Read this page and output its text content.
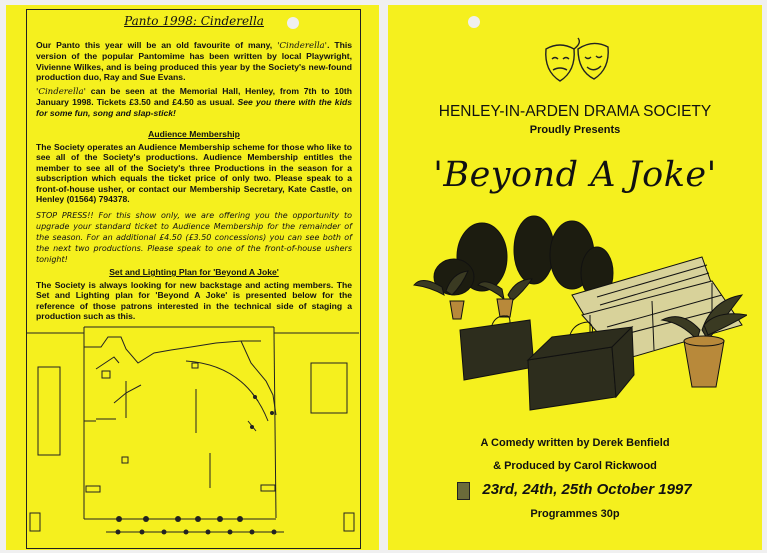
Panto 1998: Cinderella

Our Panto this year will be an old favourite of many, 'Cinderella'. This version of the popular Pantomime has been written by local Playwright, Vivienne Wilkes, and is being produced this year by the Society's new-found production duo, Ray and Sue Evans.

'Cinderella' can be seen at the Memorial Hall, Henley, from 7th to 10th January 1998. Tickets £3.50 and £4.50 as usual. See you there with the kids for some fun, song and slap-stick!

Audience Membership

The Society operates an Audience Membership scheme for those who like to see all of the Society's productions. Audience Membership entitles the member to see all of the Society's three Productions in the season for a subscription which equals the ticket price of only two. Please speak to a front-of-house usher, or contact our Membership Secretary, Kate Castle, on Henley (01564) 794378.

STOP PRESS!! For this show only, we are offering you the opportunity to upgrade your standard ticket to Audience Membership for the remainder of the season. For an additional £4.50 (£3.50 concessions) you can see both of the next two productions. Please speak to one of the front-of-house ushers tonight!

Set and Lighting Plan for 'Beyond A Joke'

The Society is always looking for new backstage and acting members. The Set and Lighting plan for 'Beyond A Joke' is presented below for the reference of those patrons interested in the technical side of staging a production such as this.

HENLEY-IN-ARDEN DRAMA SOCIETY

Proudly Presents

'Beyond A Joke'

A Comedy written by Derek Benfield

& Produced by Carol Rickwood

23rd, 24th, 25th October 1997

Programmes 30p
